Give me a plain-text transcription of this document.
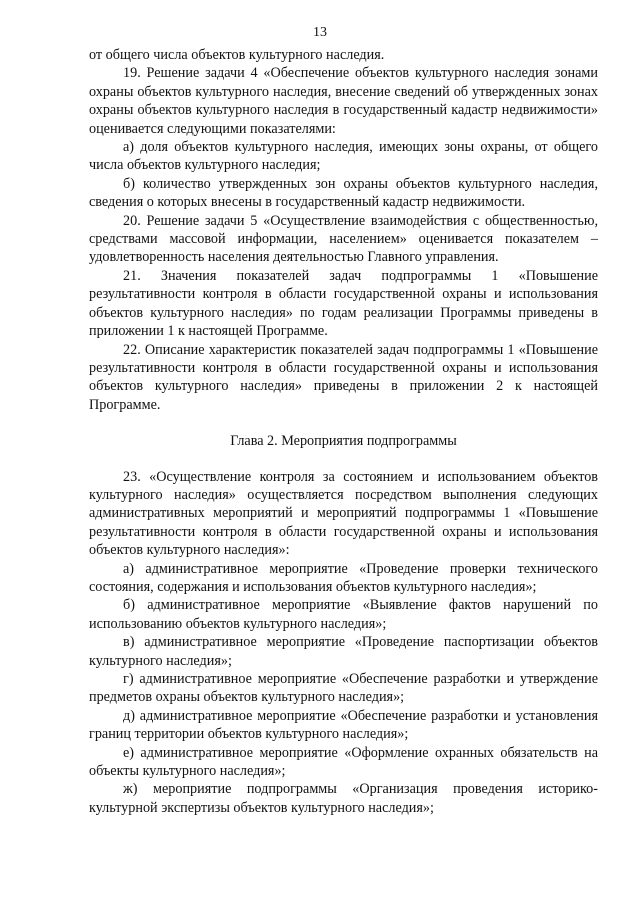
13

от общего числа объектов культурного наследия.

19. Решение задачи 4 «Обеспечение объектов культурного наследия зонами охраны объектов культурного наследия, внесение сведений об утвержденных зонах охраны объектов культурного наследия в государственный кадастр недвижимости» оценивается следующими показателями:

а) доля объектов культурного наследия, имеющих зоны охраны, от общего числа объектов культурного наследия;

б) количество утвержденных зон охраны объектов культурного наследия, сведения о которых внесены в государственный кадастр недвижимости.

20. Решение задачи 5 «Осуществление взаимодействия с общественностью, средствами массовой информации, населением» оценивается показателем – удовлетворенность населения деятельностью Главного управления.

21. Значения показателей задач подпрограммы 1 «Повышение результативности контроля в области государственной охраны и использования объектов культурного наследия» по годам реализации Программы приведены в приложении 1 к настоящей Программе.

22. Описание характеристик показателей задач подпрограммы 1 «Повышение результативности контроля в области государственной охраны и использования объектов культурного наследия» приведены в приложении 2 к настоящей Программе.

Глава 2. Мероприятия подпрограммы

23. «Осуществление контроля за состоянием и использованием объектов культурного наследия» осуществляется посредством выполнения следующих административных мероприятий и мероприятий подпрограммы 1 «Повышение результативности контроля в области государственной охраны и использования объектов культурного наследия»:

а) административное мероприятие «Проведение проверки технического состояния, содержания и использования объектов культурного наследия»;

б) административное мероприятие «Выявление фактов нарушений по использованию объектов культурного наследия»;

в) административное мероприятие «Проведение паспортизации объектов культурного наследия»;

г) административное мероприятие «Обеспечение разработки и утверждение предметов охраны объектов культурного наследия»;

д) административное мероприятие «Обеспечение разработки и установления границ территории объектов культурного наследия»;

е) административное мероприятие «Оформление охранных обязательств на объекты культурного наследия»;

ж) мероприятие подпрограммы «Организация проведения историко-культурной экспертизы объектов культурного наследия»;
